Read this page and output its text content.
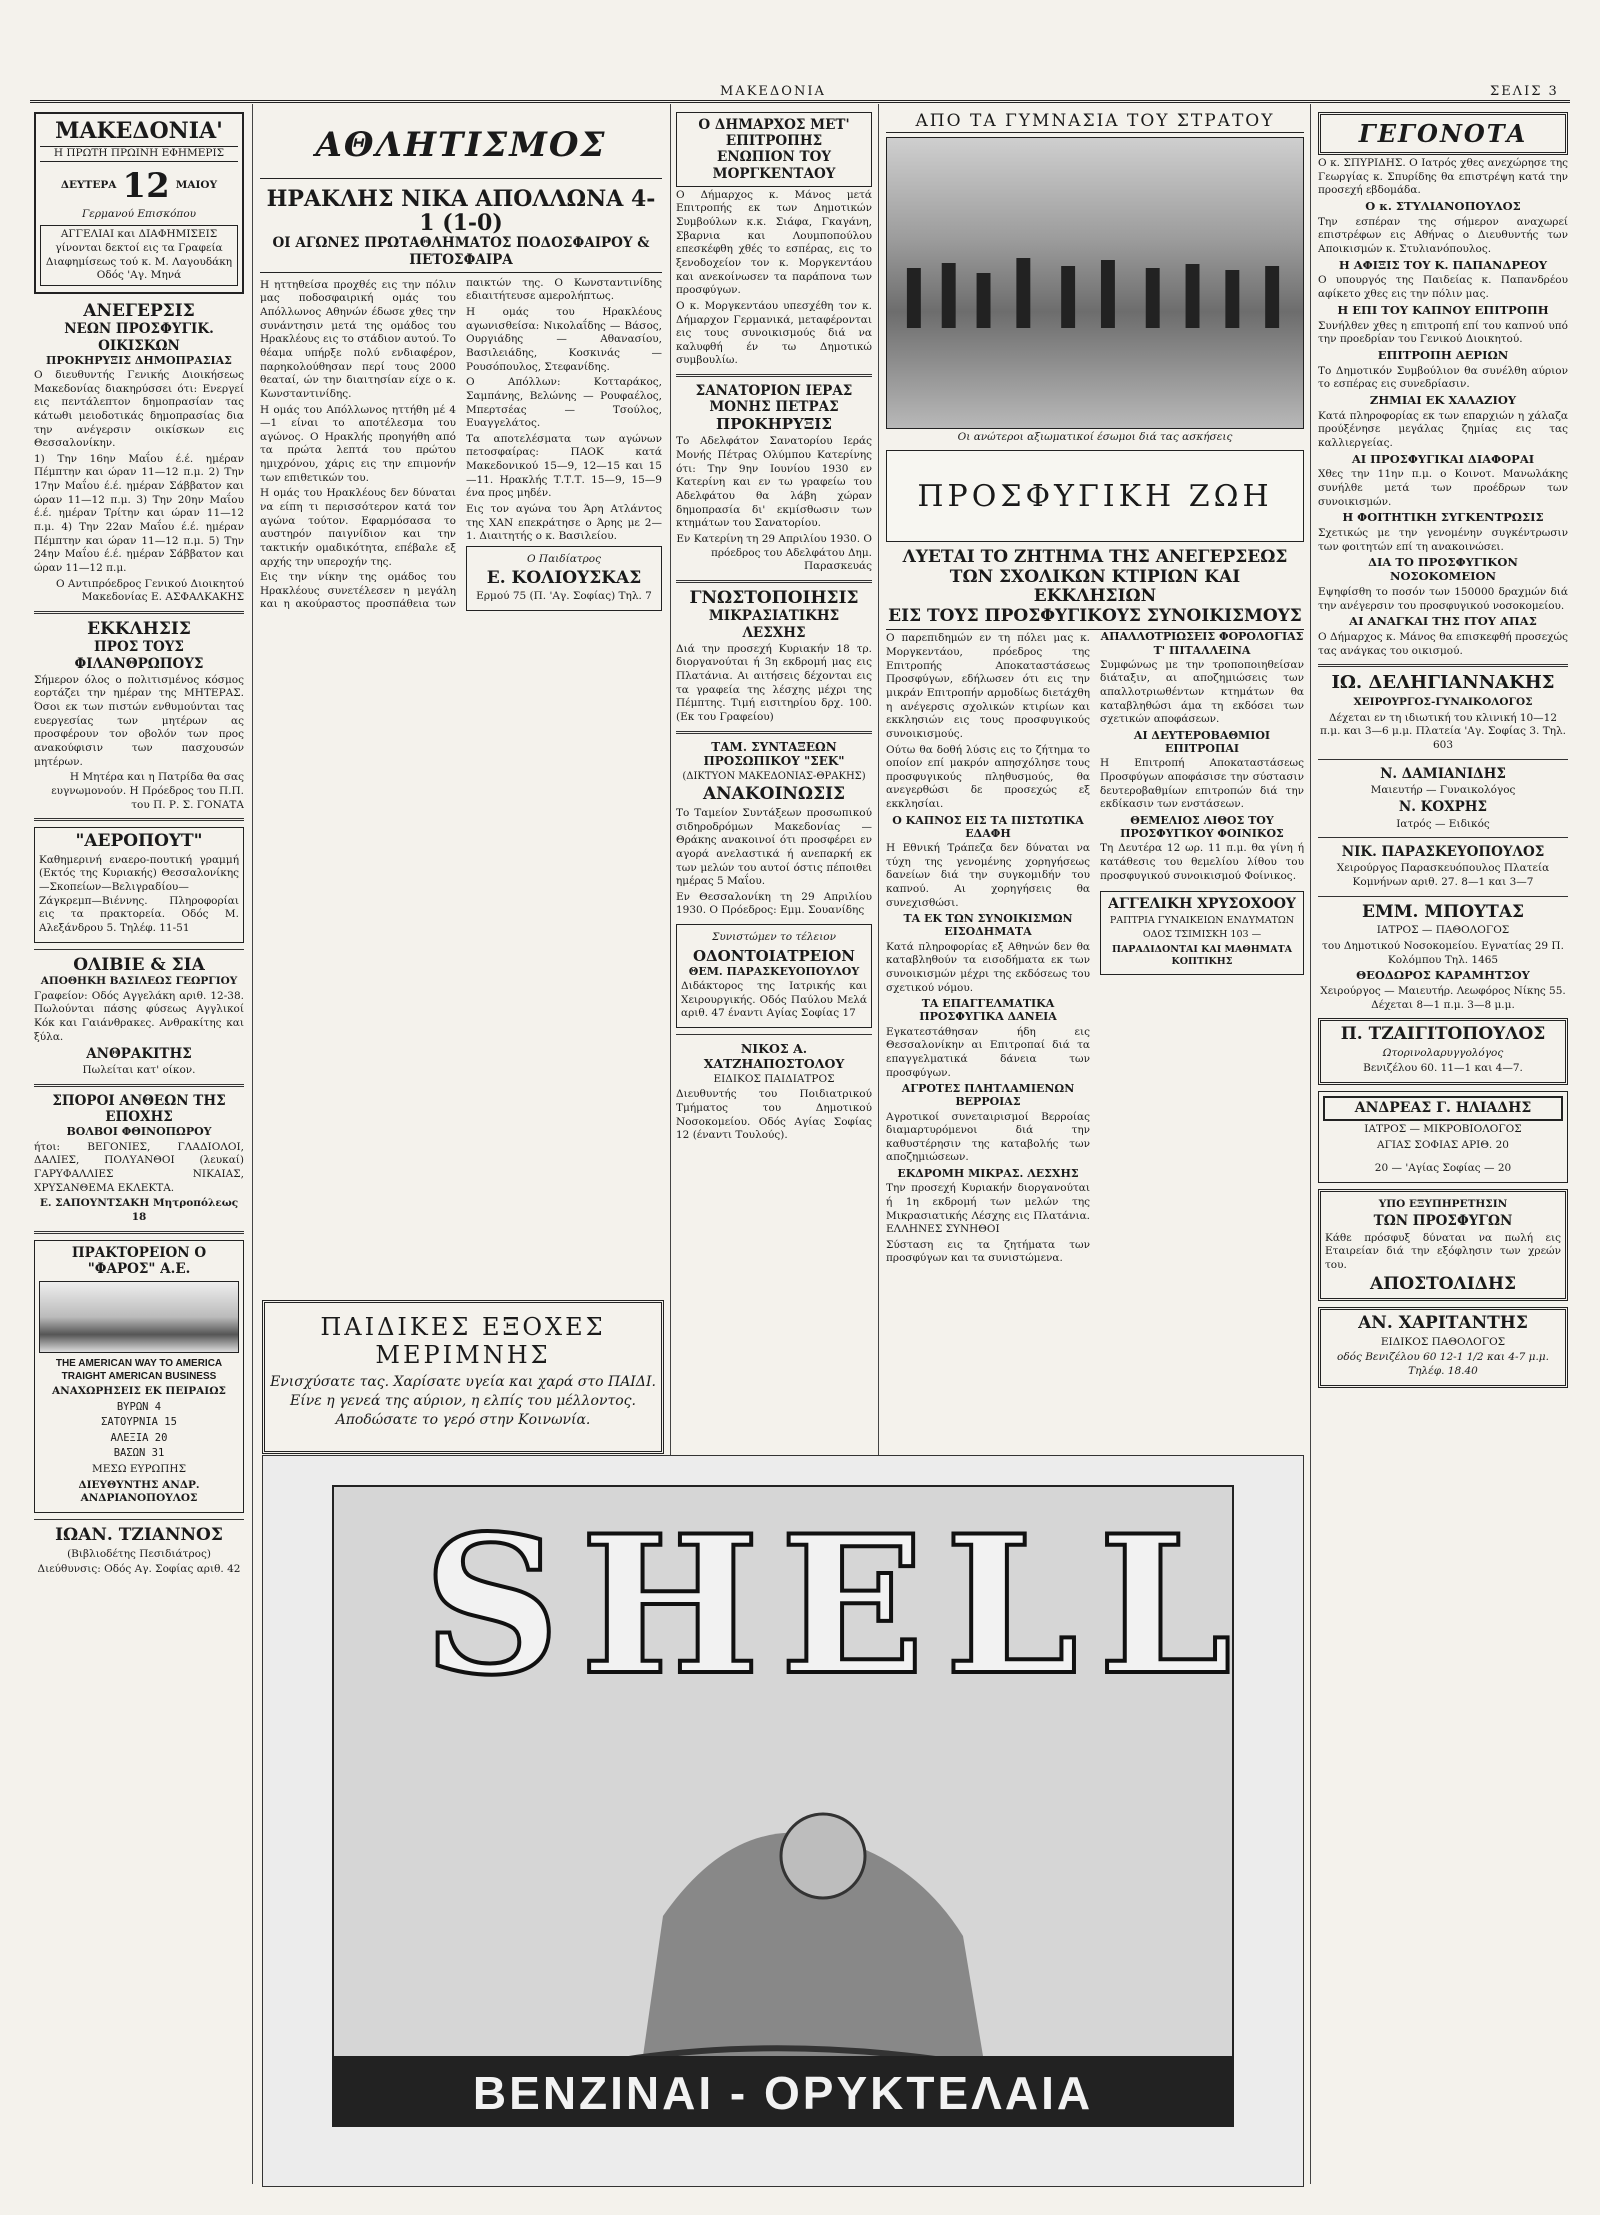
ΜΑΚΕΔΟΝΙΑ	ΣΕΛΙΣ 3
ΜΑΚΕΔΟΝΙΑ'
Η ΠΡΩΤΗ ΠΡΩΙΝΗ ΕΦΗΜΕΡΙΣ
ΔΕΥΤΕΡΑ 12 ΜΑΙΟΥ
Γερμανού Επισκόπου
ΑΓΓΕΛΙΑΙ και ΔΙΑΦΗΜΙΣΕΙΣ γίνονται δεκτοί εις τα Γραφεία Διαφημίσεως τού κ. Μ. Λαγουδάκη Οδός 'Αγ. Μηνά
ΑΝΕΓΕΡΣΙΣ
ΝΕΩΝ ΠΡΟΣΦΥΓΙΚ. ΟΙΚΙΣΚΩΝ
ΠΡΟΚΗΡΥΞΙΣ ΔΗΜΟΠΡΑΣΙΑΣ

Ο διευθυντής Γενικής Διοικήσεως Μακεδονίας διακηρύσσει ότι: Ενεργεί εις πεντάλεπτον δημοπρασίαν τας κάτωθι μειοδοτικάς δημοπρασίας δια την ανέγερσιν οικίσκων εις Θεσσαλονίκην.

1) Την 16ην Μαΐου έ.έ. ημέραν Πέμπτην και ώραν 11—12 π.μ. 2) Την 17ην Μαΐου έ.έ. ημέραν Σάββατον και ώραν 11—12 π.μ. 3) Την 20ην Μαΐου έ.έ. ημέραν Τρίτην και ώραν 11—12 π.μ. 4) Την 22αν Μαΐου έ.έ. ημέραν Πέμπτην και ώραν 11—12 π.μ. 5) Την 24ην Μαΐου έ.έ. ημέραν Σάββατον και ώραν 11—12 π.μ.

Ο Αντιπρόεδρος Γενικού Διοικητού Μακεδονίας Ε. ΑΣΦΑΛΚΑΚΗΣ

ΕΚΚΛΗΣΙΣ
ΠΡΟΣ ΤΟΥΣ ΦΙΛΑΝΘΡΩΠΟΥΣ

Σήμερον όλος ο πολιτισμένος κόσμος εορτάζει την ημέραν της ΜΗΤΕΡΑΣ. Όσοι εκ των πιστών ενθυμούνται τας ευεργεσίας των μητέρων ας προσφέρουν τον οβολόν των προς ανακούφισιν των πασχουσών μητέρων.

Η Μητέρα και η Πατρίδα θα σας ευγνωμονούν. Η Πρόεδρος του Π.Π. του Π. Ρ. Σ. ΓΟΝΑΤΑ

"ΑΕΡΟΠΟΥΤ"

Καθημερινή εναερο-πουτική γραμμή (Εκτός της Κυριακής) Θεσσαλονίκης—Σκοπείων—Βελιγραδίου—Ζάγκρεμπ—Βιέννης. Πληροφορίαι εις τα πρακτορεία. Οδός Μ. Αλεξάνδρου 5. Τηλέφ. 11-51

ΟΛΙΒΙΕ & ΣΙΑ
ΑΠΟΘΗΚΗ ΒΑΣΙΛΕΩΣ ΓΕΩΡΓΙΟΥ

Γραφείον: Οδός Αγγελάκη αριθ. 12-38. Πωλούνται πάσης φύσεως Αγγλικοί Κόκ και Γαιάνθρακες. Ανθρακίτης και ξύλα.

ΑΝΘΡΑΚΙΤΗΣ

Πωλείται κατ' οίκον.

ΣΠΟΡΟΙ ΑΝΘΕΩΝ ΤΗΣ ΕΠΟΧΗΣ
ΒΟΛΒΟΙ ΦΘΙΝΟΠΩΡΟΥ

ήτοι: ΒΕΓΟΝΙΕΣ, ΓΛΑΔΙΟΛΟΙ, ΔΑΛΙΕΣ, ΠΟΛΥΑΝΘΟΙ (λευκαί) ΓΑΡΥΦΑΛΛΙΕΣ ΝΙΚΑΙΑΣ, ΧΡΥΣΑΝΘΕΜΑ ΕΚΛΕΚΤΑ.

Ε. ΣΑΠΟΥΝΤΣΑΚΗ Μητροπόλεως 18

ΠΡΑΚΤΟΡΕΙΟΝ Ο "ΦΑΡΟΣ" Α.Ε.
THE AMERICAN WAY TO AMERICA TRAIGHT AMERICAN BUSINESS
ΑΝΑΧΩΡΗΣΕΙΣ ΕΚ ΠΕΙΡΑΙΩΣ
ΒΥΡΩΝ 4
ΣΑΤΟΥΡΝΙΑ 15
ΑΛΕΞΙΑ 20
ΒΑΣΩΝ 31
ΜΕΣΩ ΕΥΡΩΠΗΣ
ΔΙΕΥΘΥΝΤΗΣ ΑΝΔΡ. ΑΝΔΡΙΑΝΟΠΟΥΛΟΣ
ΙΩΑΝ. ΤΖΙΑΝΝΟΣ
(Βιβλιοδέτης Πεσιδιάτρος)
Διεύθυνσις: Οδός Αγ. Σοφίας αριθ. 42
ΑΘΛΗΤΙΣΜΟΣ
ΗΡΑΚΛΗΣ ΝΙΚΑ ΑΠΟΛΛΩΝΑ 4-1 (1-0)
ΟΙ ΑΓΩΝΕΣ ΠΡΩΤΑΘΛΗΜΑΤΟΣ ΠΟΔΟΣΦΑΙΡΟΥ & ΠΕΤΟΣΦΑΙΡΑ

Η ηττηθείσα προχθές εις την πόλιν μας ποδοσφαιρική ομάς του Απόλλωνος Αθηνών έδωσε χθες την συνάντησιν μετά της ομάδος του Ηρακλέους εις το στάδιον αυτού. Το θέαμα υπήρξε πολύ ενδιαφέρον, παρηκολούθησαν περί τους 2000 θεαταί, ών την διαιτησίαν είχε ο κ. Κωνσταντινίδης.

Η ομάς του Απόλλωνος ηττήθη μέ 4—1 είναι το αποτέλεσμα του αγώνος. Ο Ηρακλής προηγήθη από τα πρώτα λεπτά του πρώτου ημιχρόνου, χάρις εις την επιμονήν των επιθετικών του.

Η ομάς του Ηρακλέους δεν δύναται να είπη τι περισσότερον κατά τον αγώνα τούτον. Εφαρμόσασα το αυστηρόν παιγνίδιον και την τακτικήν ομαδικότητα, επέβαλε εξ αρχής την υπεροχήν της.

Εις την νίκην της ομάδος του Ηρακλέους συνετέλεσεν η μεγάλη και η ακούραστος προσπάθεια των παικτών της. Ο Κωνσταντινίδης εδιαιτήτευσε αμερολήπτως.

Η ομάς του Ηρακλέους αγωνισθείσα: Νικολαΐδης — Βάσος, Ουργιάδης — Αθανασίου, Βασιλειάδης, Κοσκινάς — Ρουσόπουλος, Στεφανίδης.

Ο Απόλλων: Κοτταράκος, Σαμπάνης, Βελώνης — Ρουφαέλος, Μπερτσέας — Τσούλος, Ευαγγελάτος.

Τα αποτελέσματα των αγώνων πετοσφαίρας: ΠΑΟΚ κατά Μακεδονικού 15—9, 12—15 και 15—11. Ηρακλής Τ.Τ.Τ. 15—9, 15—9 ένα προς μηδέν.

Εις τον αγώνα του Άρη Ατλάντος της ΧΑΝ επεκράτησε ο Άρης με 2—1. Διαιτητής ο κ. Βασιλείου.

Ο Παιδίατρος
Ε. ΚΟΛΙΟΥΣΚΑΣ
Ερμού 75 (Π. 'Αγ. Σοφίας) Τηλ. 7
ΠΑΙΔΙΚΕΣ ΕΞΟΧΕΣ
ΜΕΡΙΜΝΗΣ
Ενισχύσατε τας. Χαρίσατε υγεία και χαρά στο ΠΑΙΔΙ. Είνε η γενεά της αύριον, η ελπίς του μέλλοντος. Αποδώσατε το γερό στην Κοινωνία.
Ο ΔΗΜΑΡΧΟΣ ΜΕΤ' ΕΠΙΤΡΟΠΗΣ
ΕΝΩΠΙΟΝ ΤΟΥ ΜΟΡΓΚΕΝΤΑΟΥ

Ο Δήμαρχος κ. Μάνος μετά Επιτροπής εκ των Δημοτικών Συμβούλων κ.κ. Σιάφα, Γκαγάνη, Σβαρνια και Λουμποπούλου επεσκέφθη χθές το εσπέρας, εις το ξενοδοχείον τον κ. Μοργκεντάου και ανεκοίνωσεν τα παράπονα των προσφύγων.

Ο κ. Μοργκεντάου υπεσχέθη τον κ. Δήμαρχον Γερμανικά, μεταφέρονται εις τους συνοικισμούς διά να καλυφθή έν τω Δημοτικώ συμβουλίω.

ΣΑΝΑΤΟΡΙΟΝ ΙΕΡΑΣ ΜΟΝΗΣ ΠΕΤΡΑΣ
ΠΡΟΚΗΡΥΞΙΣ

Το Αδελφάτον Σανατορίου Ιεράς Μονής Πέτρας Ολύμπου Κατερίνης ότι: Την 9ην Ιουνίου 1930 εν Κατερίνη και εν τω γραφείω του Αδελφάτου θα λάβη χώραν δημοπρασία δι' εκμίσθωσιν των κτημάτων του Σανατορίου.

Εν Κατερίνη τη 29 Απριλίου 1930. Ο πρόεδρος του Αδελφάτου Δημ. Παρασκευάς

ΓΝΩΣΤΟΠΟΙΗΣΙΣ
ΜΙΚΡΑΣΙΑΤΙΚΗΣ ΛΕΣΧΗΣ

Διά την προσεχή Κυριακήν 18 τρ. διοργανούται ή 3η εκδρομή μας εις Πλατάνια. Αι αιτήσεις δέχονται εις τα γραφεία της λέσχης μέχρι της Πέμπτης. Τιμή εισιτηρίου δρχ. 100. (Εκ του Γραφείου)

ΤΑΜ. ΣΥΝΤΑΞΕΩΝ ΠΡΟΣΩΠΙΚΟΥ "ΣΕΚ"
(ΔΙΚΤΥΟΝ ΜΑΚΕΔΟΝΙΑΣ-ΘΡΑΚΗΣ)
ΑΝΑΚΟΙΝΩΣΙΣ

Το Ταμείον Συντάξεων προσωπικού σιδηροδρόμων Μακεδονίας — Θράκης ανακοινοί ότι προσφέρει εν αγορά ανελαστικά ή ανεπαρκή εκ των μελών του αυτοί όστις πέποιθει ημέρας 5 Μαΐου.

Εν Θεσσαλονίκη τη 29 Απριλίου 1930. Ο Πρόεδρος: Εμμ. Σουανίδης

Συνιστώμεν το τέλειον
ΟΔΟΝΤΟΙΑΤΡΕΙΟΝ
ΘΕΜ. ΠΑΡΑΣΚΕΥΟΠΟΥΛΟΥ

Διδάκτορος της Ιατρικής και Χειρουργικής. Οδός Παύλου Μελά αριθ. 47 έναντι Αγίας Σοφίας 17

ΝΙΚΟΣ Α. ΧΑΤΖΗΑΠΟΣΤΟΛΟΥ
ΕΙΔΙΚΟΣ ΠΑΙΔΙΑΤΡΟΣ

Διευθυντής του Ποιδιατρικού Τμήματος του Δημοτικού Νοσοκομείου. Οδός Αγίας Σοφίας 12 (έναντι Τουλούς).

ΑΠΟ ΤΑ ΓΥΜΝΑΣΙΑ ΤΟΥ ΣΤΡΑΤΟΥ
Οι ανώτεροι αξιωματικοί έσωμοι διά τας ασκήσεις
ΠΡΟΣΦΥΓΙΚΗ ΖΩΗ
ΛΥΕΤΑΙ ΤΟ ΖΗΤΗΜΑ ΤΗΣ ΑΝΕΓΕΡΣΕΩΣ
ΤΩΝ ΣΧΟΛΙΚΩΝ ΚΤΙΡΙΩΝ ΚΑΙ ΕΚΚΛΗΣΙΩΝ
ΕΙΣ ΤΟΥΣ ΠΡΟΣΦΥΓΙΚΟΥΣ ΣΥΝΟΙΚΙΣΜΟΥΣ

Ο παρεπιδημών εν τη πόλει μας κ. Μοργκεντάου, πρόεδρος της Επιτροπής Αποκαταστάσεως Προσφύγων, εδήλωσεν ότι εις την μικράν Επιτροπήν αρμοδίως διετάχθη η ανέγερσις σχολικών κτιρίων και εκκλησιών εις τους προσφυγικούς συνοικισμούς.

Ούτω θα δοθή λύσις εις το ζήτημα το οποίον επί μακρόν απησχόλησε τους προσφυγικούς πληθυσμούς, θα ανεγερθώσι δε προσεχώς εξ εκκλησίαι.

Ο ΚΑΠΝΟΣ ΕΙΣ ΤΑ ΠΙΣΤΩΤΙΚΑ ΕΔΑΦΗ

Η Εθνική Τράπεζα δεν δύναται να τύχη της γενομένης χορηγήσεως δανείων διά την συγκομιδήν του καπνού. Αι χορηγήσεις θα συνεχισθώσι.

ΤΑ ΕΚ ΤΩΝ ΣΥΝΟΙΚΙΣΜΩΝ ΕΙΣΟΔΗΜΑΤΑ

Κατά πληροφορίας εξ Αθηνών δεν θα καταβληθούν τα εισοδήματα εκ των συνοικισμών μέχρι της εκδόσεως του σχετικού νόμου.

ΤΑ ΕΠΑΓΓΕΛΜΑΤΙΚΑ ΠΡΟΣΦΥΓΙΚΑ ΔΑΝΕΙΑ

Εγκατεστάθησαν ήδη εις Θεσσαλονίκην αι Επιτροπαί διά τα επαγγελματικά δάνεια των προσφύγων.

ΑΓΡΟΤΕΣ ΠΛΗΤΛΑΜΙΕΝΩΝ ΒΕΡΡΟΙΑΣ

Αγροτικοί συνεταιρισμοί Βερροίας διαμαρτυρόμενοι διά την καθυστέρησιν της καταβολής των αποζημιώσεων.

ΕΚΔΡΟΜΗ ΜΙΚΡΑΣ. ΛΕΣΧΗΣ

Την προσεχή Κυριακήν διοργανούται ή 1η εκδρομή των μελών της Μικρασιατικής Λέσχης εις Πλατάνια. ΕΛΛΗΝΕΣ ΣΥΝΗΘΟΙ

Σύσταση εις τα ζητήματα των προσφύγων και τα συνιστώμενα.

ΑΠΑΛΛΟΤΡΙΩΣΕΙΣ ΦΟΡΟΛΟΓΙΑΣ Τ' ΠΙΤΑΛΛΕΙΝΑ

Συμφώνως με την τροποποιηθείσαν διάταξιν, αι αποζημιώσεις των απαλλοτριωθέντων κτημάτων θα καταβληθώσι άμα τη εκδόσει των σχετικών αποφάσεων.

ΑΙ ΔΕΥΤΕΡΟΒΑΘΜΙΟΙ ΕΠΙΤΡΟΠΑΙ

Η Επιτροπή Αποκαταστάσεως Προσφύγων αποφάσισε την σύστασιν δευτεροβαθμίων επιτροπών διά την εκδίκασιν των ενστάσεων.

ΘΕΜΕΛΙΟΣ ΛΙΘΟΣ ΤΟΥ ΠΡΟΣΦΥΓΙΚΟΥ ΦΟΙΝΙΚΟΣ

Τη Δευτέρα 12 ωρ. 11 π.μ. θα γίνη ή κατάθεσις του θεμελίου λίθου του προσφυγικού συνοικισμού Φοίνικος.

ΑΓΓΕΛΙΚΗ ΧΡΥΣΟΧΟΟΥ
ΡΑΠΤΡΙΑ ΓΥΝΑΙΚΕΙΩΝ ΕΝΔΥΜΑΤΩΝ
ΟΔΟΣ ΤΣΙΜΙΣΚΗ 103 —
ΠΑΡΑΔΙΔΟΝΤΑΙ ΚΑΙ ΜΑΘΗΜΑΤΑ ΚΟΠΤΙΚΗΣ
ΓΕΓΟΝΟΤΑ

Ο κ. ΣΠΥΡΙΔΗΣ. Ο Ιατρός χθες ανεχώρησε της Γεωργίας κ. Σπυρίδης θα επιστρέψη κατά την προσεχή εβδομάδα.

Ο κ. ΣΤΥΛΙΑΝΟΠΟΥΛΟΣ

Την εσπέραν της σήμερον αναχωρεί επιστρέφων εις Αθήνας ο Διευθυντής των Αποικισμών κ. Στυλιανόπουλος.

Η ΑΦΙΞΙΣ ΤΟΥ Κ. ΠΑΠΑΝΔΡΕΟΥ

Ο υπουργός της Παιδείας κ. Παπανδρέου αφίκετο χθες εις την πόλιν μας.

Η ΕΠΙ ΤΟΥ ΚΑΠΝΟΥ ΕΠΙΤΡΟΠΗ

Συνήλθεν χθες η επιτροπή επί του καπνού υπό την προεδρίαν του Γενικού Διοικητού.

ΕΠΙΤΡΟΠΗ ΑΕΡΙΩΝ

Το Δημοτικόν Συμβούλιον θα συνέλθη αύριον το εσπέρας εις συνεδρίασιν.

ΖΗΜΙΑΙ ΕΚ ΧΑΛΑΖΙΟΥ

Κατά πληροφορίας εκ των επαρχιών η χάλαζα προύξένησε μεγάλας ζημίας εις τας καλλιεργείας.

ΑΙ ΠΡΟΣΦΥΓΙΚΑΙ ΔΙΑΦΟΡΑΙ

Χθες την 11ην π.μ. ο Κοινοτ. Μανωλάκης συνήλθε μετά των προέδρων των συνοικισμών.

Η ΦΟΙΤΗΤΙΚΗ ΣΥΓΚΕΝΤΡΩΣΙΣ

Σχετικώς με την γενομένην συγκέντρωσιν των φοιτητών επί τη ανακοινώσει.

ΔΙΑ ΤΟ ΠΡΟΣΦΥΓΙΚΟΝ ΝΟΣΟΚΟΜΕΙΟΝ

Εψηφίσθη το ποσόν των 150000 δραχμών διά την ανέγερσιν του προσφυγικού νοσοκομείου.

ΑΙ ΑΝΑΓΚΑΙ ΤΗΣ ΙΤΟΥ ΑΠΑΣ

Ο Δήμαρχος κ. Μάνος θα επισκεφθή προσεχώς τας ανάγκας του οικισμού.

ΙΩ. ΔΕΛΗΓΙΑΝΝΑΚΗΣ
ΧΕΙΡΟΥΡΓΟΣ-ΓΥΝΑΙΚΟΛΟΓΟΣ

Δέχεται εν τη ιδιωτική του κλινική 10—12 π.μ. και 3—6 μ.μ. Πλατεία 'Αγ. Σοφίας 3. Τηλ. 603

Ν. ΔΑΜΙΑΝΙΔΗΣ
Μαιευτήρ — Γυναικολόγος
Ν. ΚΟΧΡΗΣ
Ιατρός — Ειδικός
ΝΙΚ. ΠΑΡΑΣΚΕΥΟΠΟΥΛΟΣ

Χειρούργος Παρασκευόπουλος Πλατεία Κομνήνων αριθ. 27. 8—1 και 3—7

ΕΜΜ. ΜΠΟΥΤΑΣ
ΙΑΤΡΟΣ — ΠΑΘΟΛΟΓΟΣ

του Δημοτικού Νοσοκομείου. Εγνατίας 29 Π. Κολόμπου Τηλ. 1465

ΘΕΟΔΩΡΟΣ ΚΑΡΑΜΗΤΣΟΥ

Χειρούργος — Μαιευτήρ. Λεωφόρος Νίκης 55. Δέχεται 8—1 π.μ. 3—8 μ.μ.

Π. ΤΖΑΙΓΙΤΟΠΟΥΛΟΣ
Ωτορινολαρυγγολόγος
Βενιζέλου 60. 11—1 και 4—7.
ΑΝΔΡΕΑΣ Γ. ΗΛΙΑΔΗΣ
ΙΑΤΡΟΣ — ΜΙΚΡΟΒΙΟΛΟΓΟΣ
ΑΓΙΑΣ ΣΟΦΙΑΣ ΑΡΙΘ. 20
20 — 'Αγίας Σοφίας — 20
ΥΠΟ ΕΞΥΠΗΡΕΤΗΣΙΝ
ΤΩΝ ΠΡΟΣΦΥΓΩΝ

Κάθε πρόσφυξ δύναται να πωλή εις Εταιρείαν διά την εξόφλησιν των χρεών του.

ΑΠΟΣΤΟΛΙΔΗΣ
ΑΝ. ΧΑΡΙΤΑΝΤΗΣ
ΕΙΔΙΚΟΣ ΠΑΘΟΛΟΓΟΣ
οδός Βενιζέλου 60 12-1 1/2 και 4-7 μ.μ. Τηλέφ. 18.40
SHELL
ΒΕΝΖΙΝΑΙ - ΟΡΥΚΤΕΛΑΙΑ
